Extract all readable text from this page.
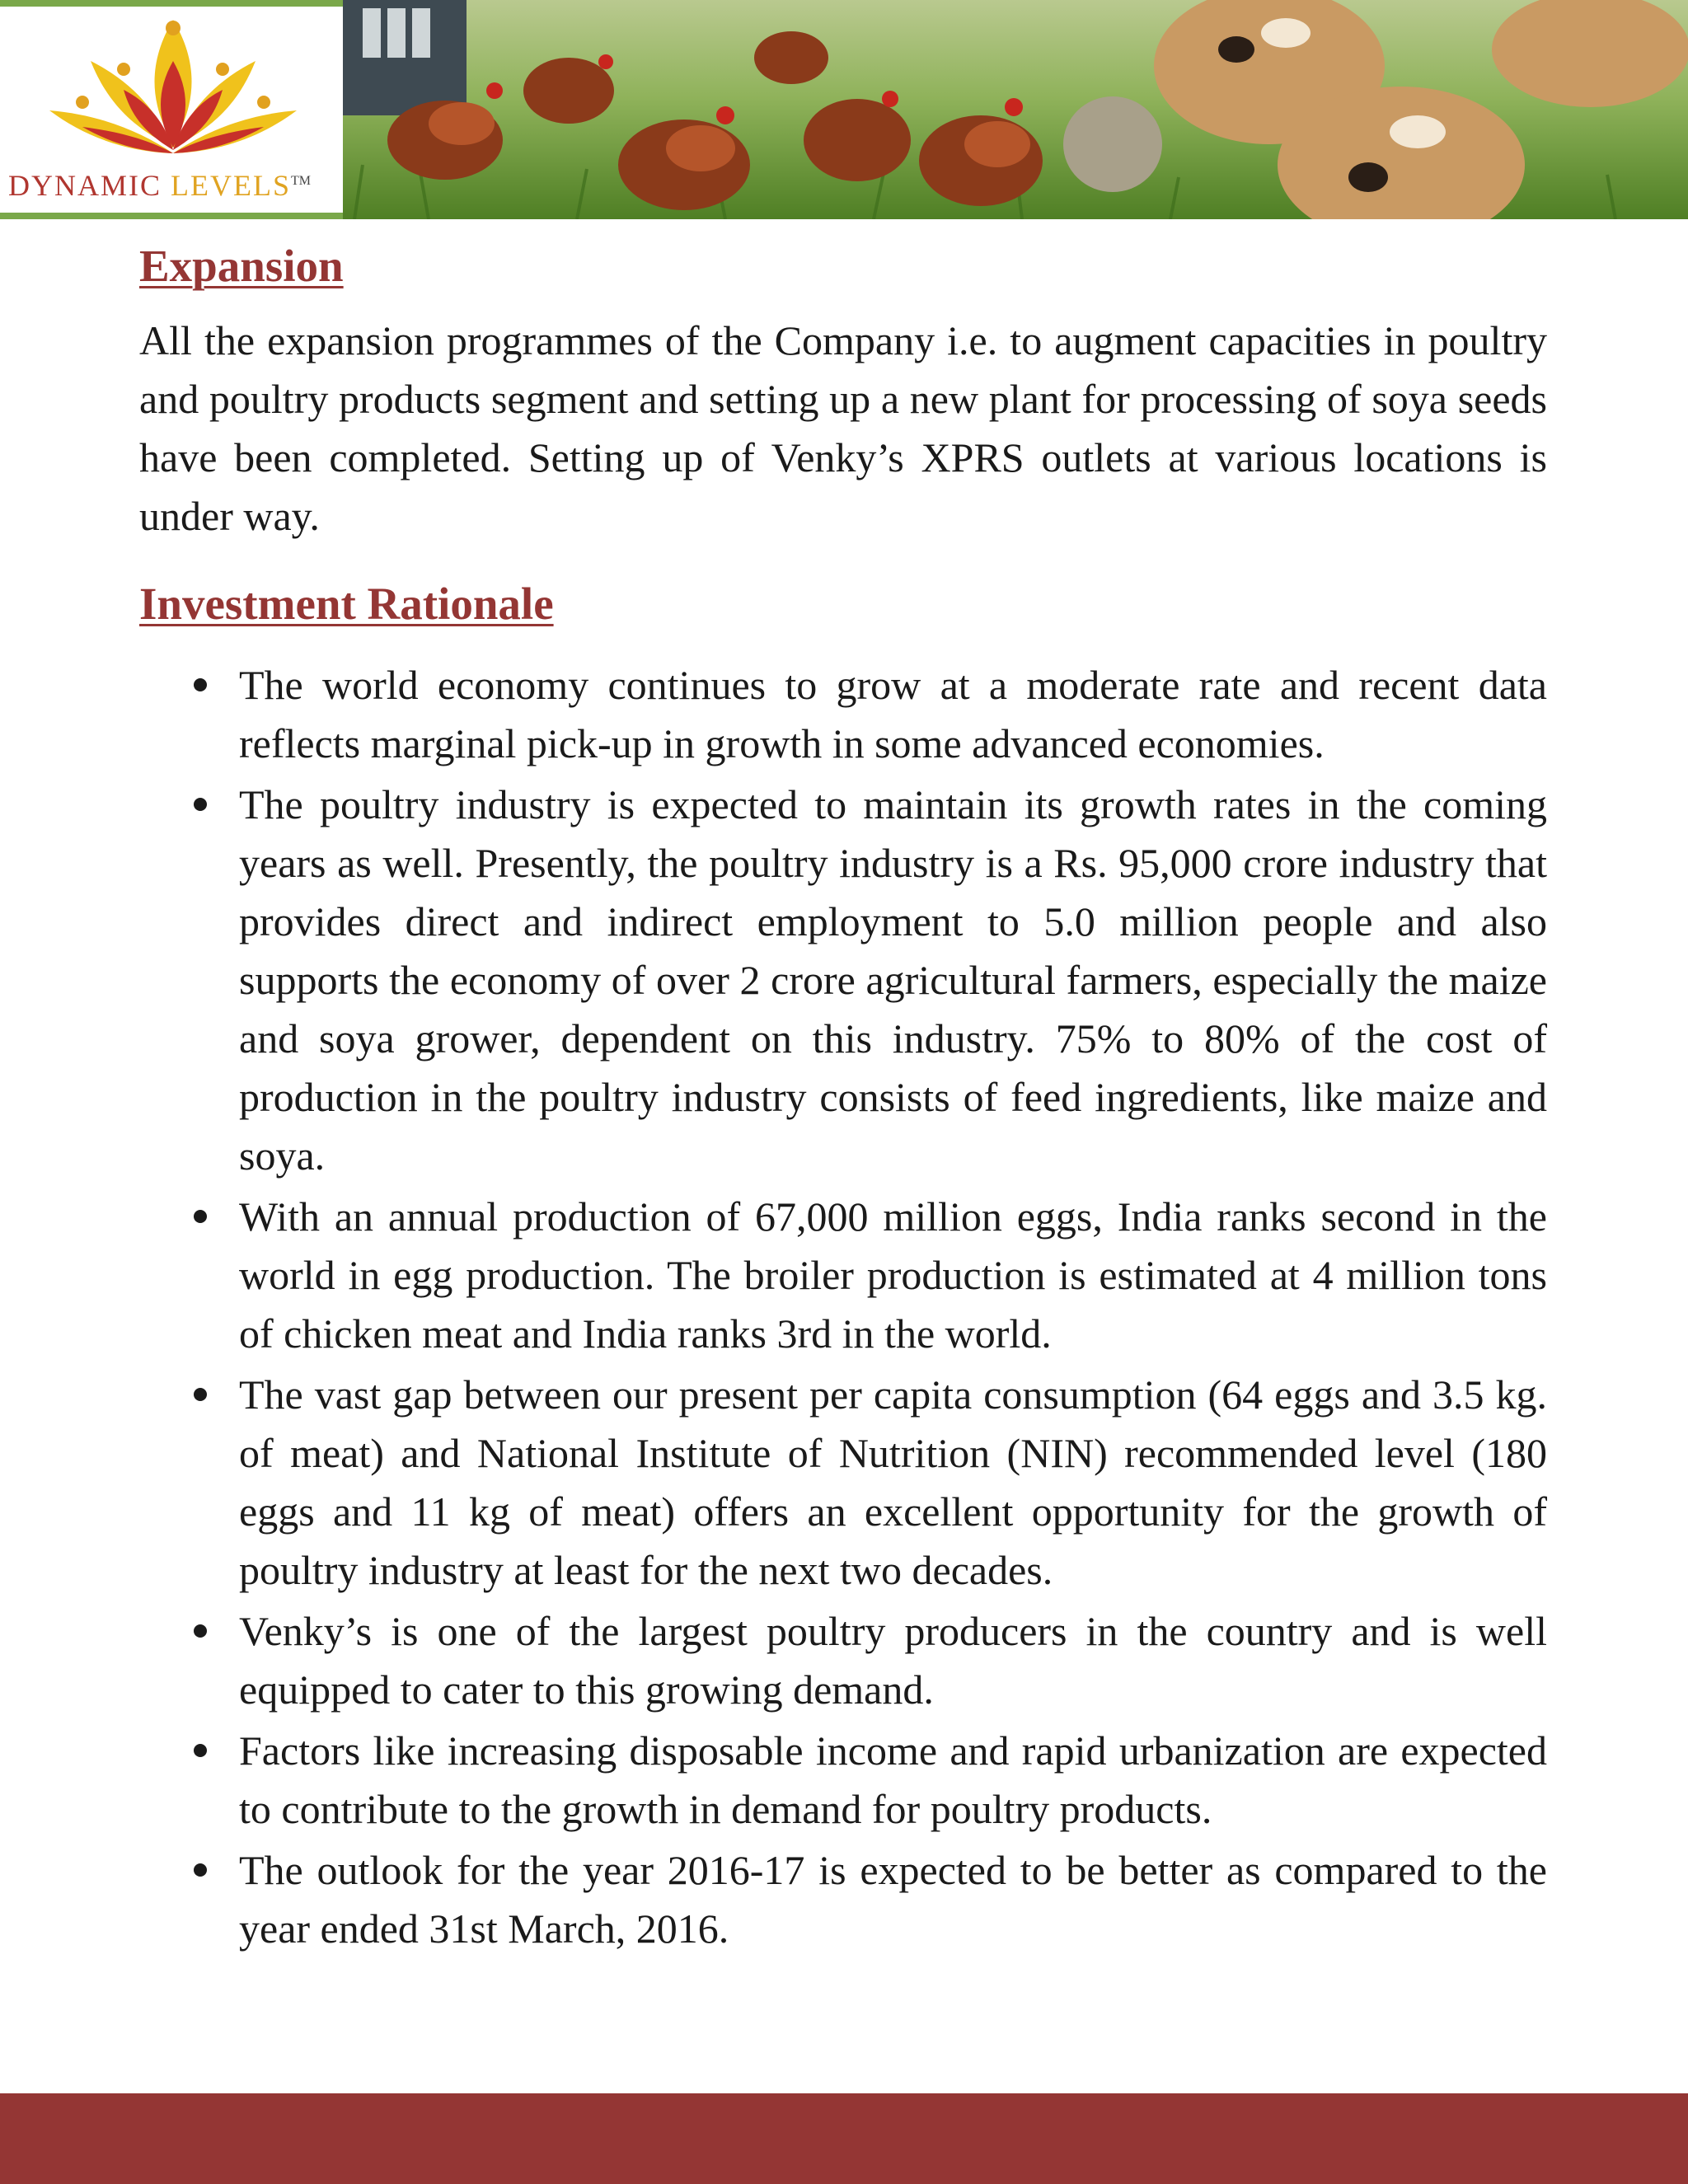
DYNAMIC LEVELS™
Expansion

All the expansion programmes of the Company i.e. to augment capacities in poultry and poultry products segment and setting up a new plant for processing of soya seeds have been completed. Setting up of Venky’s XPRS outlets at various locations is under way.

Investment Rationale
The world economy continues to grow at a moderate rate and recent data reflects marginal pick-up in growth in some advanced economies.
The poultry industry is expected to maintain its growth rates in the coming years as well. Presently, the poultry industry is a Rs. 95,000 crore industry that provides direct and indirect employment to 5.0 million people and also supports the economy of over 2 crore agricultural farmers, especially the maize and soya grower, dependent on this industry. 75% to 80% of the cost of production in the poultry industry consists of feed ingredients, like maize and soya.
With an annual production of 67,000 million eggs, India ranks second in the world in egg production. The broiler production is estimated at 4 million tons of chicken meat and India ranks 3rd in the world.
The vast gap between our present per capita consumption (64 eggs and 3.5 kg. of meat) and National Institute of Nutrition (NIN) recommended level (180 eggs and 11 kg of meat) offers an excellent opportunity for the growth of poultry industry at least for the next two decades.
Venky’s is one of the largest poultry producers in the country and is well equipped to cater to this growing demand.
Factors like increasing disposable income and rapid urbanization are expected to contribute to the growth in demand for poultry products.
The outlook for the year 2016-17 is expected to be better as compared to the year ended 31st March, 2016.
